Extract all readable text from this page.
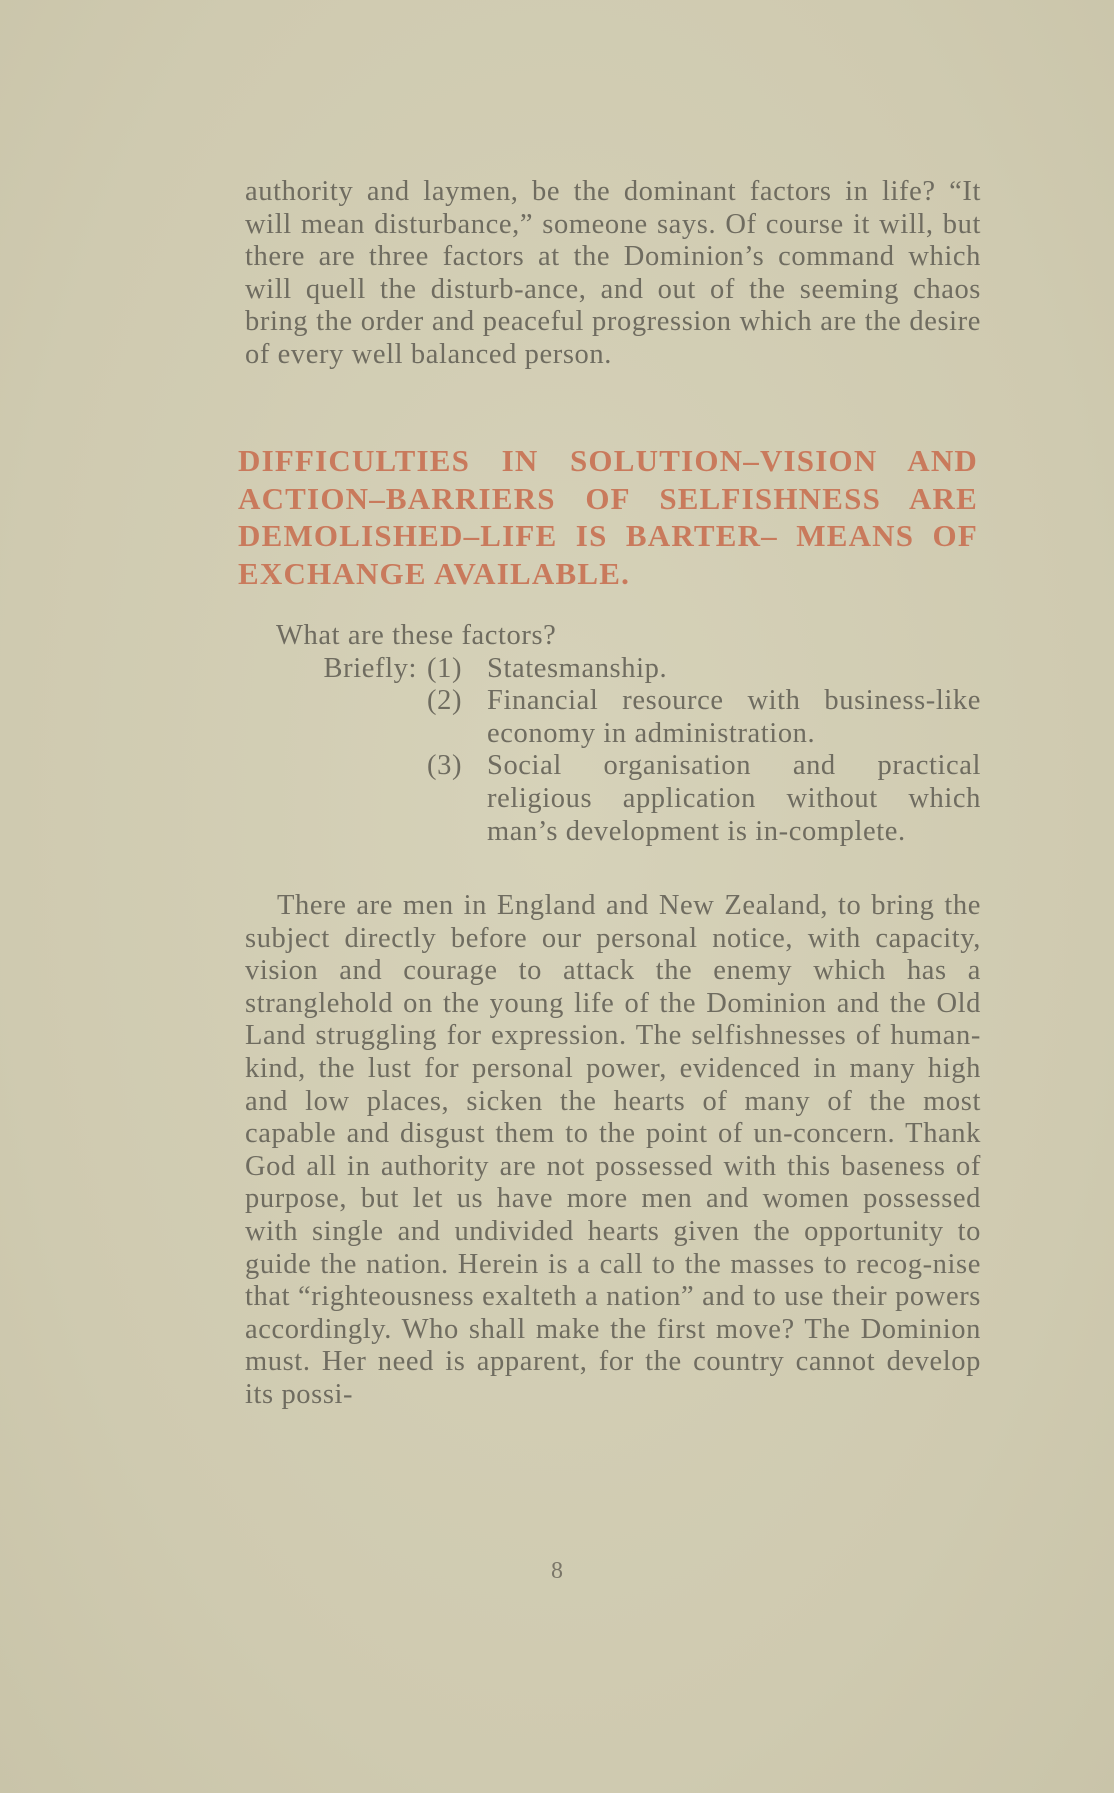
authority and laymen, be the dominant factors in life? “It will mean disturbance,” someone says. Of course it will, but there are three factors at the Dominion’s command which will quell the disturb-ance, and out of the seeming chaos bring the order and peaceful progression which are the desire of every well balanced person.

DIFFICULTIES IN SOLUTION–VISION AND ACTION–BARRIERS OF SELFISHNESS ARE DEMOLISHED–LIFE IS BARTER– MEANS OF EXCHANGE AVAILABLE.

What are these factors?

Briefly: (1) Statesmanship.
(2) Financial resource with business-like economy in administration.
(3) Social organisation and practical religious application without which man’s development is in-complete.

There are men in England and New Zealand, to bring the subject directly before our personal notice, with capacity, vision and courage to attack the enemy which has a stranglehold on the young life of the Dominion and the Old Land struggling for expression. The selfishnesses of human-kind, the lust for personal power, evidenced in many high and low places, sicken the hearts of many of the most capable and disgust them to the point of un-concern. Thank God all in authority are not possessed with this baseness of purpose, but let us have more men and women possessed with single and undivided hearts given the opportunity to guide the nation. Herein is a call to the masses to recog-nise that “righteousness exalteth a nation” and to use their powers accordingly. Who shall make the first move? The Dominion must. Her need is apparent, for the country cannot develop its possi-

8
